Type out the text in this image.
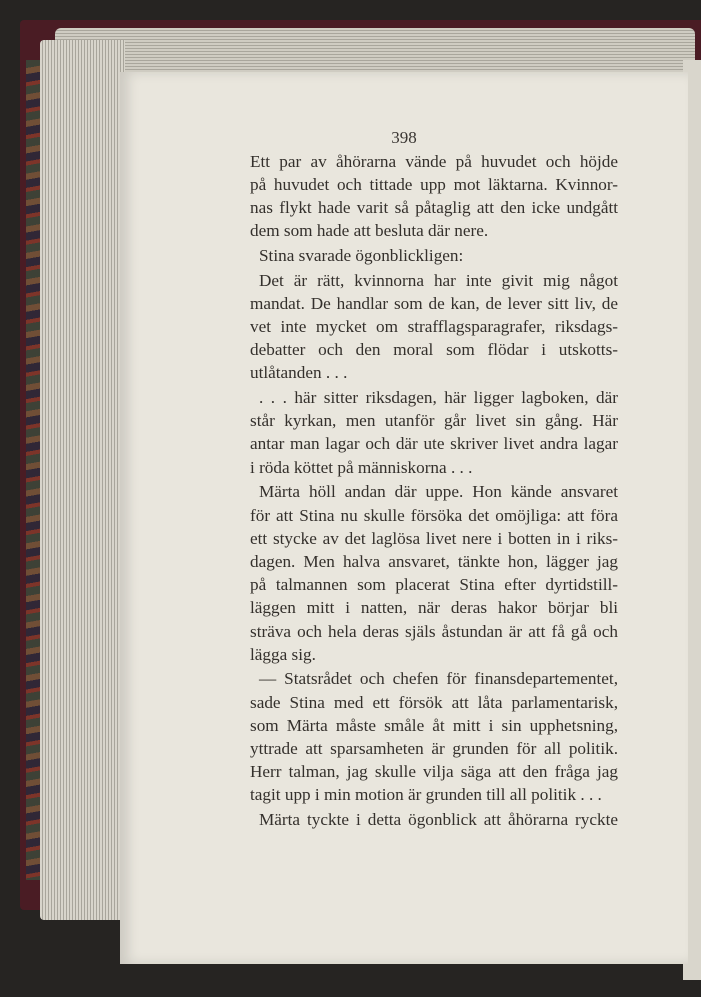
398
Ett par av åhörarna vände på huvudet och höjde
på huvudet och tittade upp mot läktarna. Kvinnor-
nas flykt hade varit så påtaglig att den icke undgått
dem som hade att besluta där nere.
Stina svarade ögonblickligen:
Det är rätt, kvinnorna har inte givit mig något
mandat. De handlar som de kan, de lever sitt liv, de
vet inte mycket om strafflagsparagrafer, riksdags-
debatter och den moral som flödar i utskotts-
utlåtanden . . .
. . . här sitter riksdagen, här ligger lagboken, där
står kyrkan, men utanför går livet sin gång. Här
antar man lagar och där ute skriver livet andra lagar
i röda köttet på människorna . . .
Märta höll andan där uppe. Hon kände ansvaret
för att Stina nu skulle försöka det omöjliga: att föra
ett stycke av det laglösa livet nere i botten in i riks-
dagen. Men halva ansvaret, tänkte hon, lägger jag
på talmannen som placerat Stina efter dyrtidstill-
läggen mitt i natten, när deras hakor börjar bli
sträva och hela deras själs åstundan är att få gå och
lägga sig.
— Statsrådet och chefen för finansdepartementet,
sade Stina med ett försök att låta parlamentarisk,
som Märta måste småle åt mitt i sin upphetsning,
yttrade att sparsamheten är grunden för all politik.
Herr talman, jag skulle vilja säga att den fråga jag
tagit upp i min motion är grunden till all politik . . .
Märta tyckte i detta ögonblick att åhörarna ryckte
